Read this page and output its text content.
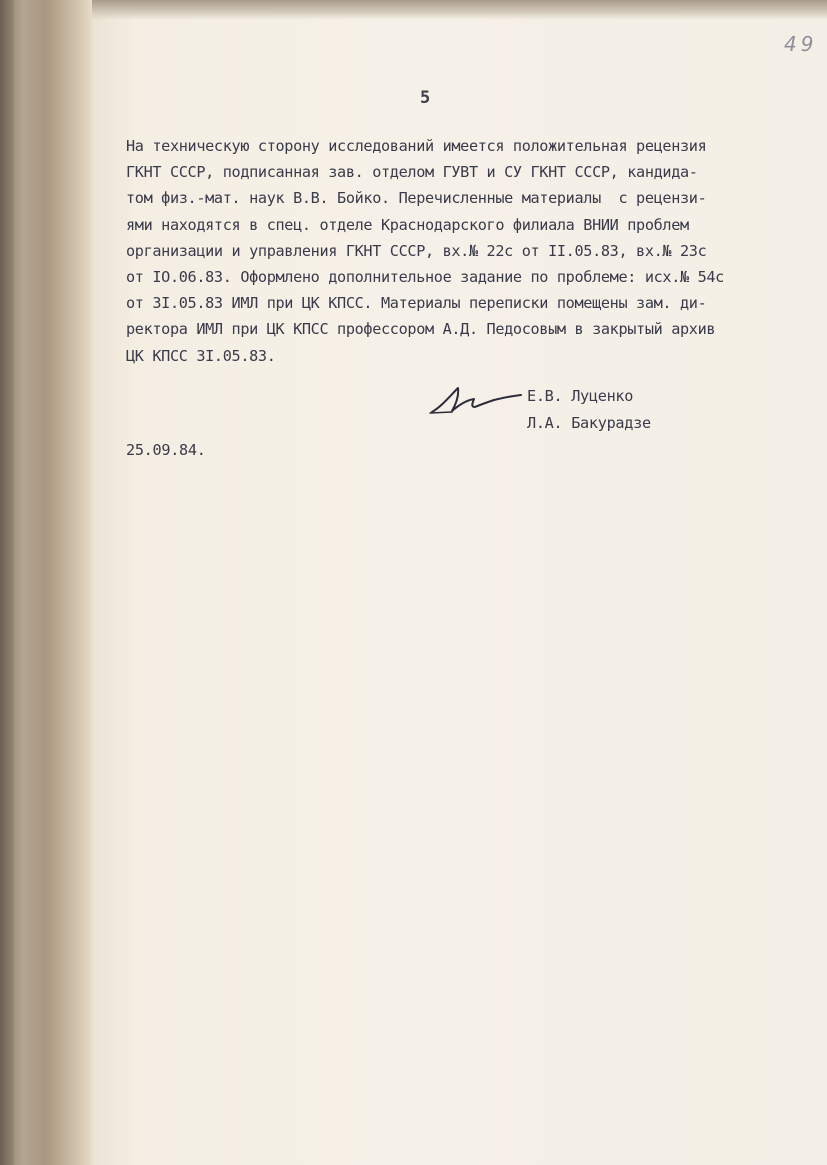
49
5
На техническую сторону исследований имеется положительная рецензия
ГКНТ СССР, подписанная зав. отделом ГУВТ и СУ ГКНТ СССР, кандида-
том физ.-мат. наук В.В. Бойко. Перечисленные материалы  с рецензи-
ями находятся в спец. отделе Краснодарского филиала ВНИИ проблем
организации и управления ГКНТ СССР, вх.№ 22с от II.05.83, вх.№ 23с
от IO.06.83. Оформлено дополнительное задание по проблеме: исх.№ 54с
от 3I.05.83 ИМЛ при ЦК КПСС. Материалы переписки помещены зам. ди-
ректора ИМЛ при ЦК КПСС профессором А.Д. Педосовым в закрытый архив
ЦК КПСС 3I.05.83.
Е.В. Луценко
Л.А. Бакурадзе
25.09.84.
